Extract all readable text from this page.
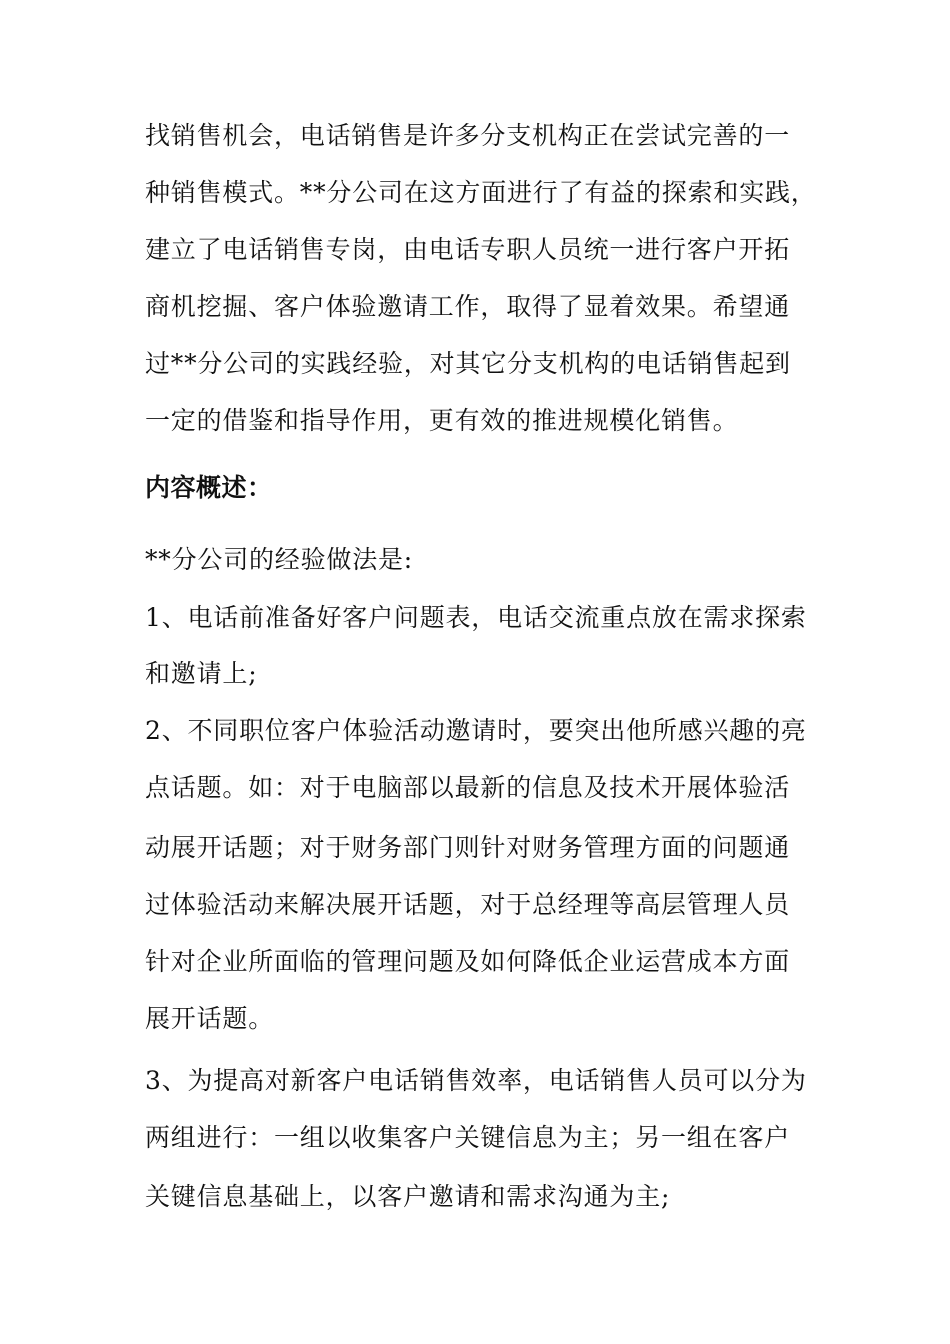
找销售机会，电话销售是许多分支机构正在尝试完善的一
种销售模式。**分公司在这方面进行了有益的探索和实践，
建立了电话销售专岗，由电话专职人员统一进行客户开拓
商机挖掘、客户体验邀请工作，取得了显着效果。希望通
过**分公司的实践经验，对其它分支机构的电话销售起到
一定的借鉴和指导作用，更有效的推进规模化销售。
内容概述：
**分公司的经验做法是:
1、电话前准备好客户问题表，电话交流重点放在需求探索
和邀请上;
2、不同职位客户体验活动邀请时，要突出他所感兴趣的亮
点话题。如：对于电脑部以最新的信息及技术开展体验活
动展开话题；对于财务部门则针对财务管理方面的问题通
过体验活动来解决展开话题，对于总经理等高层管理人员
针对企业所面临的管理问题及如何降低企业运营成本方面
展开话题。
3、为提高对新客户电话销售效率，电话销售人员可以分为
两组进行：一组以收集客户关键信息为主；另一组在客户
关键信息基础上，以客户邀请和需求沟通为主;
